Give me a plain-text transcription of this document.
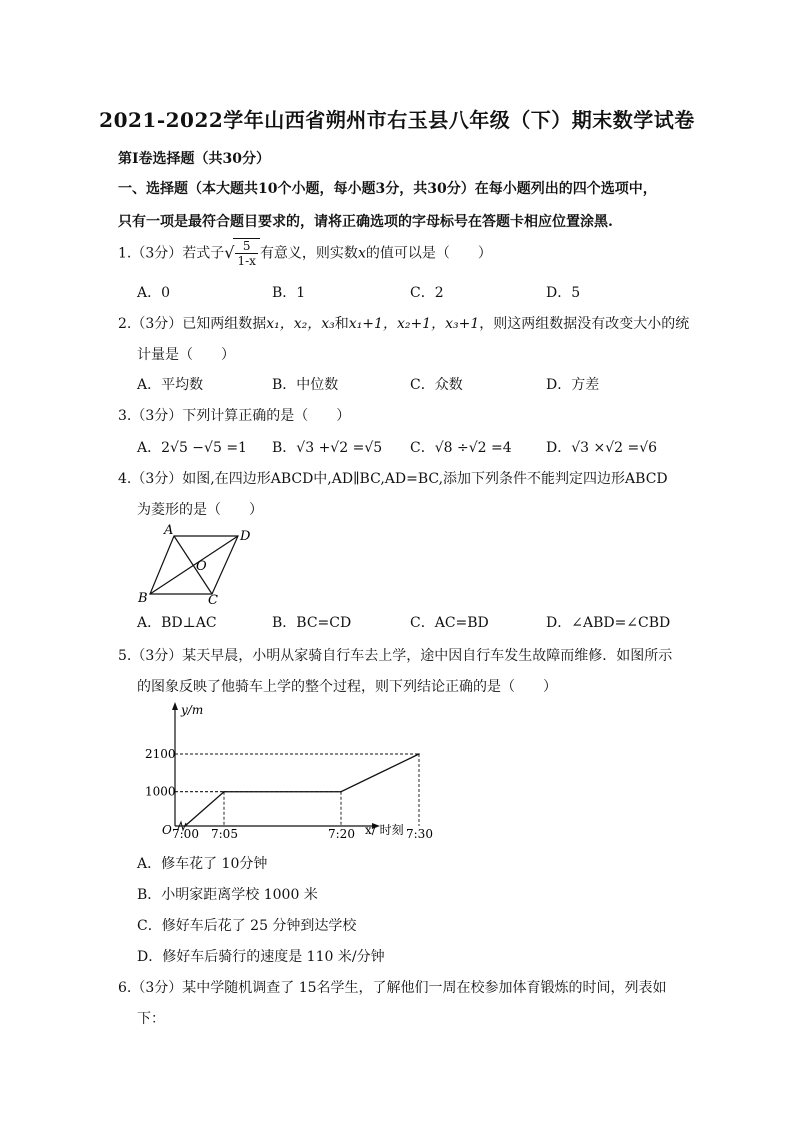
2021-2022学年山西省朔州市右玉县八年级（下）期末数学试卷
第Ⅰ卷选择题（共30分）
一、选择题（本大题共10个小题，每小题3分，共30分）在每小题列出的四个选项中，
只有一项是最符合题目要求的，请将正确选项的字母标号在答题卡相应位置涂黑.
1.（3分）若式子√ $\frac{5}{1-x}$ 有意义，则实数x的值可以是（　　）
A．0	B．1	C．2	D．5
2.（3分）已知两组数据x₁，x₂，x₃和x₁+1，x₂+1，x₃+1，则这两组数据没有改变大小的统
计量是（　　）
A．平均数	B．中位数	C．众数	D．方差
3.（3分）下列计算正确的是（　　）
A．2√5 −√5 =1 B．√3 +√2 =√5 C．√8 ÷√2 =4 D．√3 ×√2 =√6
4.（3分）如图,在四边形ABCD中,AD∥BC,AD=BC,添加下列条件不能判定四边形ABCD
为菱形的是（　　）
A	D
O
B	C
A．BD⊥AC	B．BC=CD	C．AC=BD	D．∠ABD=∠CBD
5.（3分）某天早晨，小明从家骑自行车去上学，途中因自行车发生故障而维修．如图所示
的图象反映了他骑车上学的整个过程，则下列结论正确的是（　　）
y/m
x/ 时刻
O
1000
2100
7:00 7:05	7:20	7:30
A．修车花了 10分钟
B．小明家距离学校 1000 米
C．修好车后花了 25 分钟到达学校
D．修好车后骑行的速度是 110 米/分钟
6.（3分）某中学随机调查了 15名学生，了解他们一周在校参加体育锻炼的时间，列表如
下：
